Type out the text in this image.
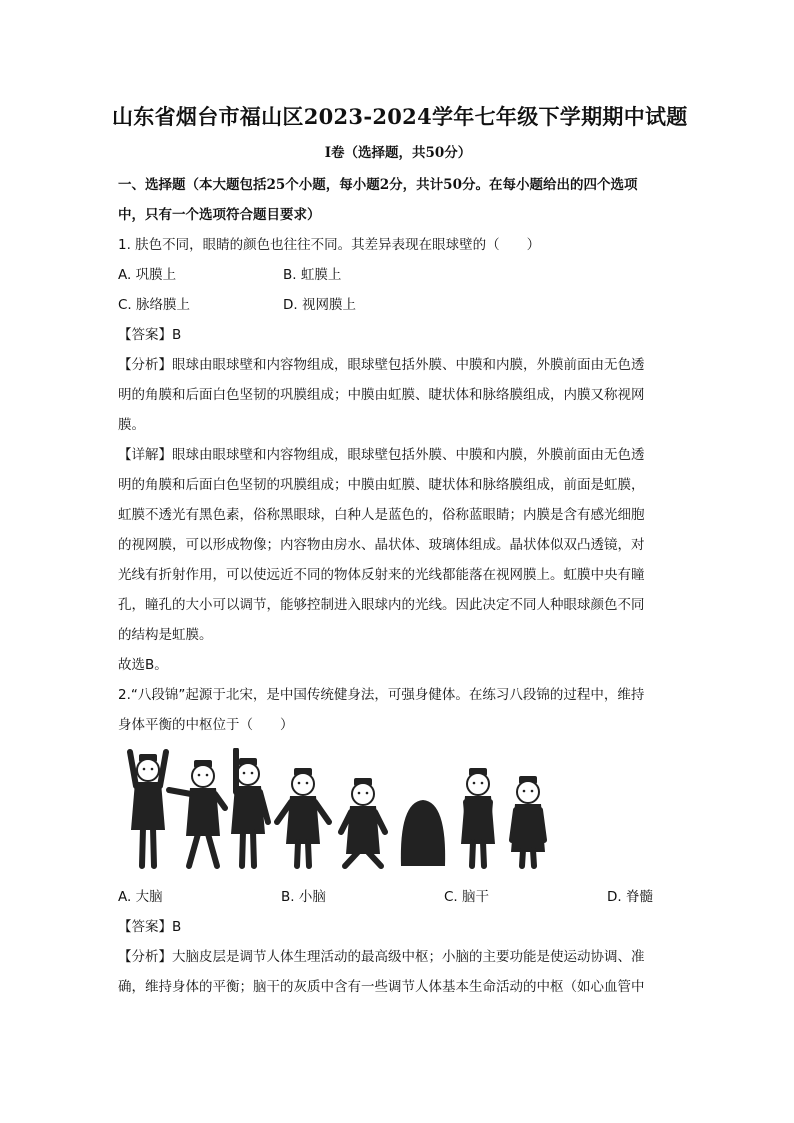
山东省烟台市福山区2023-2024学年七年级下学期期中试题
I卷（选择题，共50分）
一、选择题（本大题包括25个小题，每小题2分，共计50分。在每小题给出的四个选项
中，只有一个选项符合题目要求）

1. 肤色不同，眼睛的颜色也往往不同。其差异表现在眼球壁的（　　）

A. 巩膜上	B. 虹膜上
C. 脉络膜上	D. 视网膜上

【答案】B

【分析】眼球由眼球壁和内容物组成，眼球壁包括外膜、中膜和内膜，外膜前面由无色透

明的角膜和后面白色坚韧的巩膜组成；中膜由虹膜、睫状体和脉络膜组成，内膜又称视网

膜。

【详解】眼球由眼球壁和内容物组成，眼球壁包括外膜、中膜和内膜，外膜前面由无色透

明的角膜和后面白色坚韧的巩膜组成；中膜由虹膜、睫状体和脉络膜组成，前面是虹膜，

虹膜不透光有黑色素，俗称黑眼球，白种人是蓝色的，俗称蓝眼睛；内膜是含有感光细胞

的视网膜，可以形成物像；内容物由房水、晶状体、玻璃体组成。晶状体似双凸透镜，对

光线有折射作用，可以使远近不同的物体反射来的光线都能落在视网膜上。虹膜中央有瞳

孔，瞳孔的大小可以调节，能够控制进入眼球内的光线。因此决定不同人种眼球颜色不同

的结构是虹膜。

故选B。

2.“八段锦”起源于北宋，是中国传统健身法，可强身健体。在练习八段锦的过程中，维持

身体平衡的中枢位于（　　）

A. 大脑	B. 小脑	C. 脑干	D. 脊髓

【答案】B

【分析】大脑皮层是调节人体生理活动的最高级中枢；小脑的主要功能是使运动协调、准

确，维持身体的平衡；脑干的灰质中含有一些调节人体基本生命活动的中枢（如心血管中
